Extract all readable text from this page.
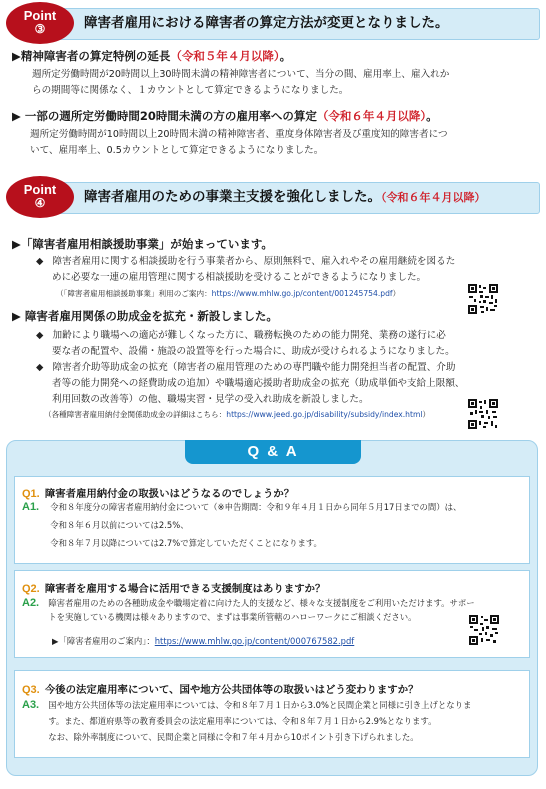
Point
③	障害者雇用における障害者の算定方法が変更となりました。
▶精神障害者の算定特例の延長（令和５年４月以降）。
週所定労働時間が20時間以上30時間未満の精神障害者について、当分の間、雇用率上、雇入れか
らの期間等に関係なく、１カウントとして算定できるようになりました。
▶ 一部の週所定労働時間20時間未満の方の雇用率への算定（令和６年４月以降）。
週所定労働時間が10時間以上20時間未満の精神障害者、重度身体障害者及び重度知的障害者につ
いて、雇用率上、0.5カウントとして算定できるようになりました。
Point
④	障害者雇用のための事業主支援を強化しました。（令和６年４月以降）
▶「障害者雇用相談援助事業」が始まっています。
◆ 障害者雇用に関する相談援助を行う事業者から、原則無料で、雇入れやその雇用継続を図るた
めに必要な一連の雇用管理に関する相談援助を受けることができるようになりました。
（「障害者雇用相談援助事業」利用のご案内：https://www.mhlw.go.jp/content/001245754.pdf）
▶ 障害者雇用関係の助成金を拡充・新設しました。
◆ 加齢により職場への適応が難しくなった方に、職務転換のための能力開発、業務の遂行に必
要な者の配置や、設備・施設の設置等を行った場合に、助成が受けられるようになりました。
◆ 障害者介助等助成金の拡充（障害者の雇用管理のための専門職や能力開発担当者の配置、介助
者等の能力開発への経費助成の追加）や職場適応援助者助成金の拡充（助成単価や支給上限額、
利用回数の改善等）の他、職場実習・見学の受入れ助成を新設しました。
（各種障害者雇用納付金関係助成金の詳細はこちら：https://www.jeed.go.jp/disability/subsidy/index.html）
Q & A
Q1. 障害者雇用納付金の取扱いはどうなるのでしょうか？
$^{A1.}$ 令和８年度分の障害者雇用納付金について（※申告期間：令和９年４月１日から同年５月17日までの間）は、
令和８年６月以前については2.5%、
令和８年７月以降については2.7%で算定していただくことになります。
Q2. 障害者を雇用する場合に活用できる支援制度はありますか？
$^{A2.}$ 障害者雇用のための各種助成金や職場定着に向けた人的支援など、様々な支援制度をご利用いただけます。サポー
トを実施している機関は様々ありますので、まずは事業所管轄のハローワークにご相談ください。
▶「障害者雇用のご案内」：https://www.mhlw.go.jp/content/000767582.pdf
Q3. 今後の法定雇用率について、国や地方公共団体等の取扱いはどう変わりますか？
$^{A3.}$ 国や地方公共団体等の法定雇用率については、令和８年７月１日から3.0%と民間企業と同様に引き上げとなりま
す。また、都道府県等の教育委員会の法定雇用率については、令和８年７月１日から2.9%となります。
なお、除外率制度について、民間企業と同様に令和７年４月から10ポイント引き下げられました。
